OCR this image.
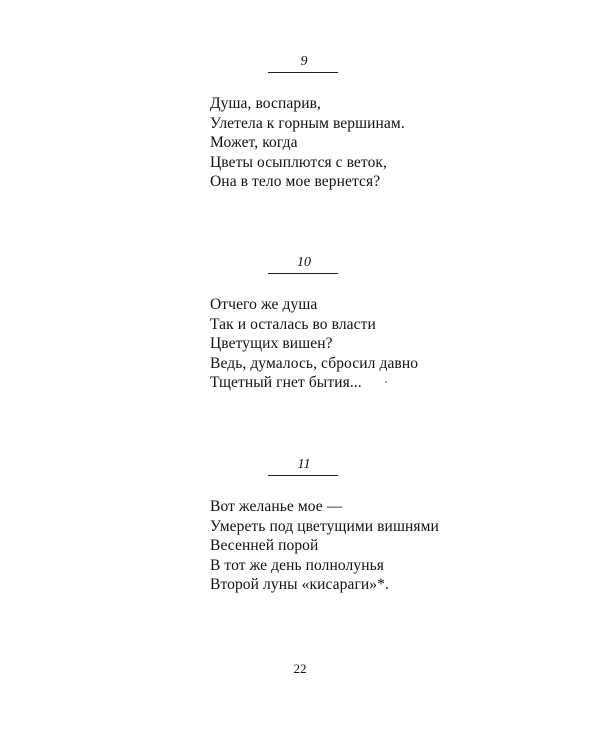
9
Душа, воспарив,
Улетела к горным вершинам.
Может, когда
Цветы осыплются с веток,
Она в тело мое вернется?
10
Отчего же душа
Так и осталась во власти
Цветущих вишен?
Ведь, думалось, сбросил давно
Тщетный гнет бытия...
11
Вот желанье мое —
Умереть под цветущими вишнями
Весенней порой
В тот же день полнолунья
Второй луны «кисараги»*.
22
